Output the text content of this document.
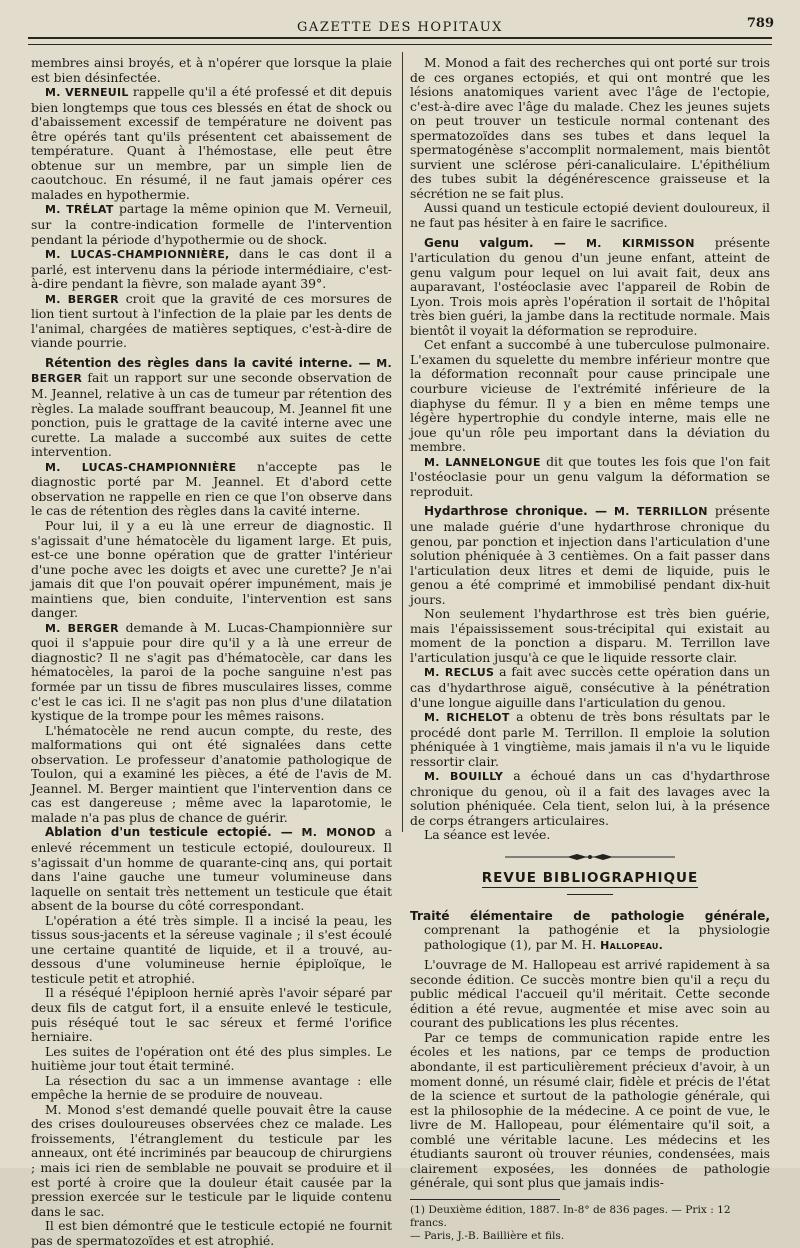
GAZETTE DES HOPITAUX	789

membres ainsi broyés, et à n'opérer que lorsque la plaie est bien désinfectée.

M. VERNEUIL rappelle qu'il a été professé et dit depuis bien longtemps que tous ces blessés en état de shock ou d'abaissement excessif de température ne doivent pas être opérés tant qu'ils présentent cet abaissement de température. Quant à l'hémostase, elle peut être obtenue sur un membre, par un simple lien de caoutchouc. En résumé, il ne faut jamais opérer ces malades en hypothermie.

M. TRÉLAT partage la même opinion que M. Verneuil, sur la contre-indication formelle de l'intervention pendant la période d'hypothermie ou de shock.

M. LUCAS-CHAMPIONNIÈRE, dans le cas dont il a parlé, est intervenu dans la période intermédiaire, c'est-à-dire pendant la fièvre, son malade ayant 39°.

M. BERGER croit que la gravité de ces morsures de lion tient surtout à l'infection de la plaie par les dents de l'animal, chargées de matières septiques, c'est-à-dire de viande pourrie.

Rétention des règles dans la cavité interne. — M. BERGER fait un rapport sur une seconde observation de M. Jeannel, relative à un cas de tumeur par rétention des règles. La malade souffrant beaucoup, M. Jeannel fit une ponction, puis le grattage de la cavité interne avec une curette. La malade a succombé aux suites de cette intervention.

M. LUCAS-CHAMPIONNIÈRE n'accepte pas le diagnostic porté par M. Jeannel. Et d'abord cette observation ne rappelle en rien ce que l'on observe dans le cas de rétention des règles dans la cavité interne.

Pour lui, il y a eu là une erreur de diagnostic. Il s'agissait d'une hématocèle du ligament large. Et puis, est-ce une bonne opération que de gratter l'intérieur d'une poche avec les doigts et avec une curette? Je n'ai jamais dit que l'on pouvait opérer impunément, mais je maintiens que, bien conduite, l'intervention est sans danger.

M. BERGER demande à M. Lucas-Championnière sur quoi il s'appuie pour dire qu'il y a là une erreur de diagnostic? Il ne s'agit pas d'hématocèle, car dans les hématocèles, la paroi de la poche sanguine n'est pas formée par un tissu de fibres musculaires lisses, comme c'est le cas ici. Il ne s'agit pas non plus d'une dilatation kystique de la trompe pour les mêmes raisons.

L'hématocèle ne rend aucun compte, du reste, des malformations qui ont été signalées dans cette observation. Le professeur d'anatomie pathologique de Toulon, qui a examiné les pièces, a été de l'avis de M. Jeannel. M. Berger maintient que l'intervention dans ce cas est dangereuse ; même avec la laparotomie, le malade n'a pas plus de chance de guérir.

Ablation d'un testicule ectopié. — M. MONOD a enlevé récemment un testicule ectopié, douloureux. Il s'agissait d'un homme de quarante-cinq ans, qui portait dans l'aine gauche une tumeur volumineuse dans laquelle on sentait très nettement un testicule que était absent de la bourse du côté correspondant.

L'opération a été très simple. Il a incisé la peau, les tissus sous-jacents et la séreuse vaginale ; il s'est écoulé une certaine quantité de liquide, et il a trouvé, au-dessous d'une volumineuse hernie épiploïque, le testicule petit et atrophié.

Il a réséqué l'épiploon hernié après l'avoir séparé par deux fils de catgut fort, il a ensuite enlevé le testicule, puis réséqué tout le sac séreux et fermé l'orifice herniaire.

Les suites de l'opération ont été des plus simples. Le huitième jour tout était terminé.

La résection du sac a un immense avantage : elle empêche la hernie de se produire de nouveau.

M. Monod s'est demandé quelle pouvait être la cause des crises douloureuses observées chez ce malade. Les froissements, l'étranglement du testicule par les anneaux, ont été incriminés par beaucoup de chirurgiens ; mais ici rien de semblable ne pouvait se produire et il est porté à croire que la douleur était causée par la pression exercée sur le testicule par le liquide contenu dans le sac.

Il est bien démontré que le testicule ectopié ne fournit pas de spermatozoïdes et est atrophié.

M. Monod a fait des recherches qui ont porté sur trois de ces organes ectopiés, et qui ont montré que les lésions anatomiques varient avec l'âge de l'ectopie, c'est-à-dire avec l'âge du malade. Chez les jeunes sujets on peut trouver un testicule normal contenant des spermatozoïdes dans ses tubes et dans lequel la spermatogénèse s'accomplit normalement, mais bientôt survient une sclérose péri-canaliculaire. L'épithélium des tubes subit la dégénérescence graisseuse et la sécrétion ne se fait plus.

Aussi quand un testicule ectopié devient douloureux, il ne faut pas hésiter à en faire le sacrifice.

Genu valgum. — M. KIRMISSON présente l'articulation du genou d'un jeune enfant, atteint de genu valgum pour lequel on lui avait fait, deux ans auparavant, l'ostéoclasie avec l'appareil de Robin de Lyon. Trois mois après l'opération il sortait de l'hôpital très bien guéri, la jambe dans la rectitude normale. Mais bientôt il voyait la déformation se reproduire.

Cet enfant a succombé à une tuberculose pulmonaire. L'examen du squelette du membre inférieur montre que la déformation reconnaît pour cause principale une courbure vicieuse de l'extrémité inférieure de la diaphyse du fémur. Il y a bien en même temps une légère hypertrophie du condyle interne, mais elle ne joue qu'un rôle peu important dans la déviation du membre.

M. LANNELONGUE dit que toutes les fois que l'on fait l'ostéoclasie pour un genu valgum la déformation se reproduit.

Hydarthrose chronique. — M. TERRILLON présente une malade guérie d'une hydarthrose chronique du genou, par ponction et injection dans l'articulation d'une solution phéniquée à 3 centièmes. On a fait passer dans l'articulation deux litres et demi de liquide, puis le genou a été comprimé et immobilisé pendant dix-huit jours.

Non seulement l'hydarthrose est très bien guérie, mais l'épaississement sous-trécipital qui existait au moment de la ponction a disparu. M. Terrillon lave l'articulation jusqu'à ce que le liquide ressorte clair.

M. RECLUS a fait avec succès cette opération dans un cas d'hydarthrose aiguë, consécutive à la pénétration d'une longue aiguille dans l'articulation du genou.

M. RICHELOT a obtenu de très bons résultats par le procédé dont parle M. Terrillon. Il emploie la solution phéniquée à 1 vingtième, mais jamais il n'a vu le liquide ressortir clair.

M. BOUILLY a échoué dans un cas d'hydarthrose chronique du genou, où il a fait des lavages avec la solution phéniquée. Cela tient, selon lui, à la présence de corps étrangers articulaires.

La séance est levée.

REVUE BIBLIOGRAPHIQUE

Traité élémentaire de pathologie générale, comprenant la pathogénie et la physiologie pathologique (1), par M. H. Hallopeau.

L'ouvrage de M. Hallopeau est arrivé rapidement à sa seconde édition. Ce succès montre bien qu'il a reçu du public médical l'accueil qu'il méritait. Cette seconde édition a été revue, augmentée et mise avec soin au courant des publications les plus récentes.

Par ce temps de communication rapide entre les écoles et les nations, par ce temps de production abondante, il est particulièrement précieux d'avoir, à un moment donné, un résumé clair, fidèle et précis de l'état de la science et surtout de la pathologie générale, qui est la philosophie de la médecine. A ce point de vue, le livre de M. Hallopeau, pour élémentaire qu'il soit, a comblé une véritable lacune. Les médecins et les étudiants sauront où trouver réunies, condensées, mais clairement exposées, les données de pathologie générale, qui sont plus que jamais indis-

(1) Deuxième édition, 1887. In-8° de 836 pages. — Prix : 12 francs.
— Paris, J.-B. Baillière et fils.
